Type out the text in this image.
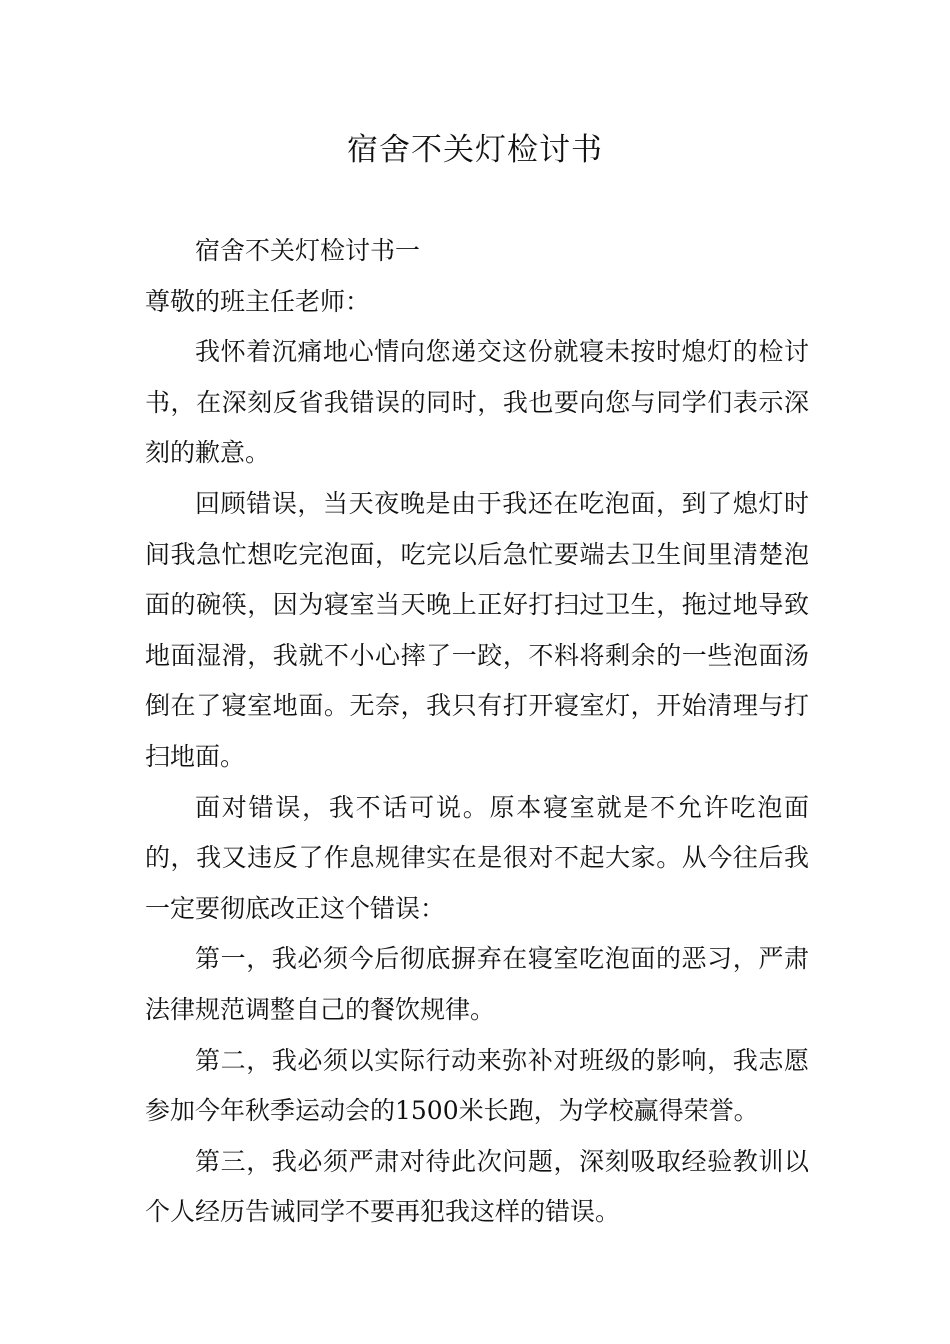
宿舍不关灯检讨书

宿舍不关灯检讨书一

尊敬的班主任老师：

我怀着沉痛地心情向您递交这份就寝未按时熄灯的检讨书，在深刻反省我错误的同时，我也要向您与同学们表示深刻的歉意。

回顾错误，当天夜晚是由于我还在吃泡面，到了熄灯时间我急忙想吃完泡面，吃完以后急忙要端去卫生间里清楚泡面的碗筷，因为寝室当天晚上正好打扫过卫生，拖过地导致地面湿滑，我就不小心摔了一跤，不料将剩余的一些泡面汤倒在了寝室地面。无奈，我只有打开寝室灯，开始清理与打扫地面。

面对错误，我不话可说。原本寝室就是不允许吃泡面的，我又违反了作息规律实在是很对不起大家。从今往后我一定要彻底改正这个错误：

第一，我必须今后彻底摒弃在寝室吃泡面的恶习，严肃法律规范调整自己的餐饮规律。

第二，我必须以实际行动来弥补对班级的影响，我志愿参加今年秋季运动会的1500米长跑，为学校赢得荣誉。

第三，我必须严肃对待此次问题，深刻吸取经验教训以个人经历告诫同学不要再犯我这样的错误。
